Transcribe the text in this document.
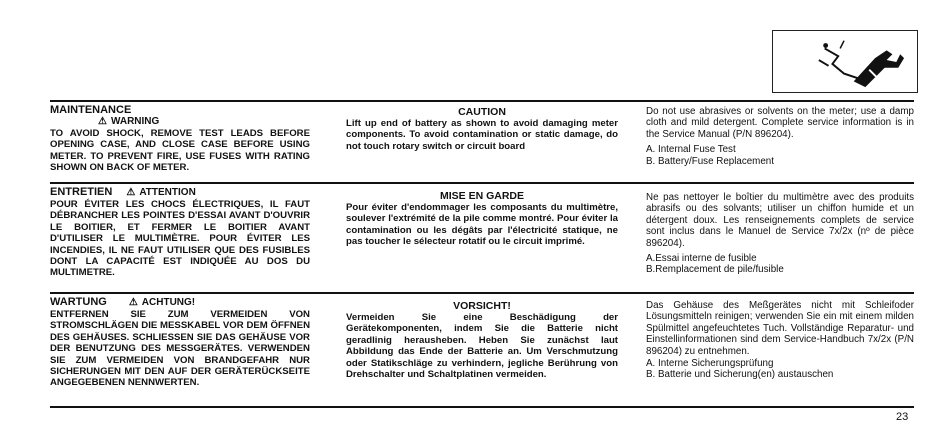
MAINTENANCE
⚠ WARNING
TO AVOID SHOCK, REMOVE TEST LEADS BEFORE OPENING CASE, AND CLOSE CASE BEFORE USING METER. TO PREVENT FIRE, USE FUSES WITH RATING SHOWN ON BACK OF METER.
CAUTION
Lift up end of battery as shown to avoid damaging meter components. To avoid contamination or static damage, do not touch rotary switch or circuit board
Do not use abrasives or solvents on the meter; use a damp cloth and mild detergent. Complete service information is in the Service Manual (P/N 896204).
A. Internal Fuse Test
B. Battery/Fuse Replacement
ENTRETIEN ⚠ ATTENTION
POUR ÉVITER LES CHOCS ÉLECTRIQUES, IL FAUT DÉBRANCHER LES POINTES D'ESSAI AVANT D'OUVRIR LE BOITIER, ET FERMER LE BOITIER AVANT D'UTILISER LE MULTIMÈTRE. POUR ÉVITER LES INCENDIES, IL NE FAUT UTILISER QUE DES FUSIBLES DONT LA CAPACITÉ EST INDIQUÉE AU DOS DU MULTIMETRE.
MISE EN GARDE
Pour éviter d'endommager les composants du multimètre, soulever l'extrémité de la pile comme montré. Pour éviter la contamination ou les dégâts par l'électricité statique, ne pas toucher le sélecteur rotatif ou le circuit imprimé.
Ne pas nettoyer le boîtier du multimètre avec des produits abrasifs ou des solvants; utiliser un chiffon humide et un détergent doux. Les renseignements complets de service sont inclus dans le Manuel de Service 7x/2x (nº de pièce 896204).
A.Essai interne de fusible
B.Remplacement de pile/fusible
WARTUNG ⚠ ACHTUNG!
ENTFERNEN SIE ZUM VERMEIDEN VON STROMSCHLÄGEN DIE MESSKABEL VOR DEM ÖFFNEN DES GEHÄUSES. SCHLIESSEN SIE DAS GEHÄUSE VOR DER BENUTZUNG DES MESSGERÄTES. VERWENDEN SIE ZUM VERMEIDEN VON BRANDGEFAHR NUR SICHERUNGEN MIT DEN AUF DER GERÄTERÜCKSEITE ANGEGEBENEN NENNWERTEN.
VORSICHT!
Vermeiden Sie eine Beschädigung der Gerätekomponenten, indem Sie die Batterie nicht geradlinig herausheben. Heben Sie zunächst laut Abbildung das Ende der Batterie an. Um Verschmutzung oder Statikschläge zu verhindern, jegliche Berührung von Drehschalter und Schaltplatinen vermeiden.
Das Gehäuse des Meßgerätes nicht mit Schleifoder Lösungsmitteln reinigen; verwenden Sie ein mit einem milden Spülmittel angefeuchtetes Tuch. Vollständige Reparatur- und Einstellinformationen sind dem Service-Handbuch 7x/2x (P/N 896204) zu entnehmen.
A. Interne Sicherungsprüfung
B. Batterie und Sicherung(en) austauschen
23
